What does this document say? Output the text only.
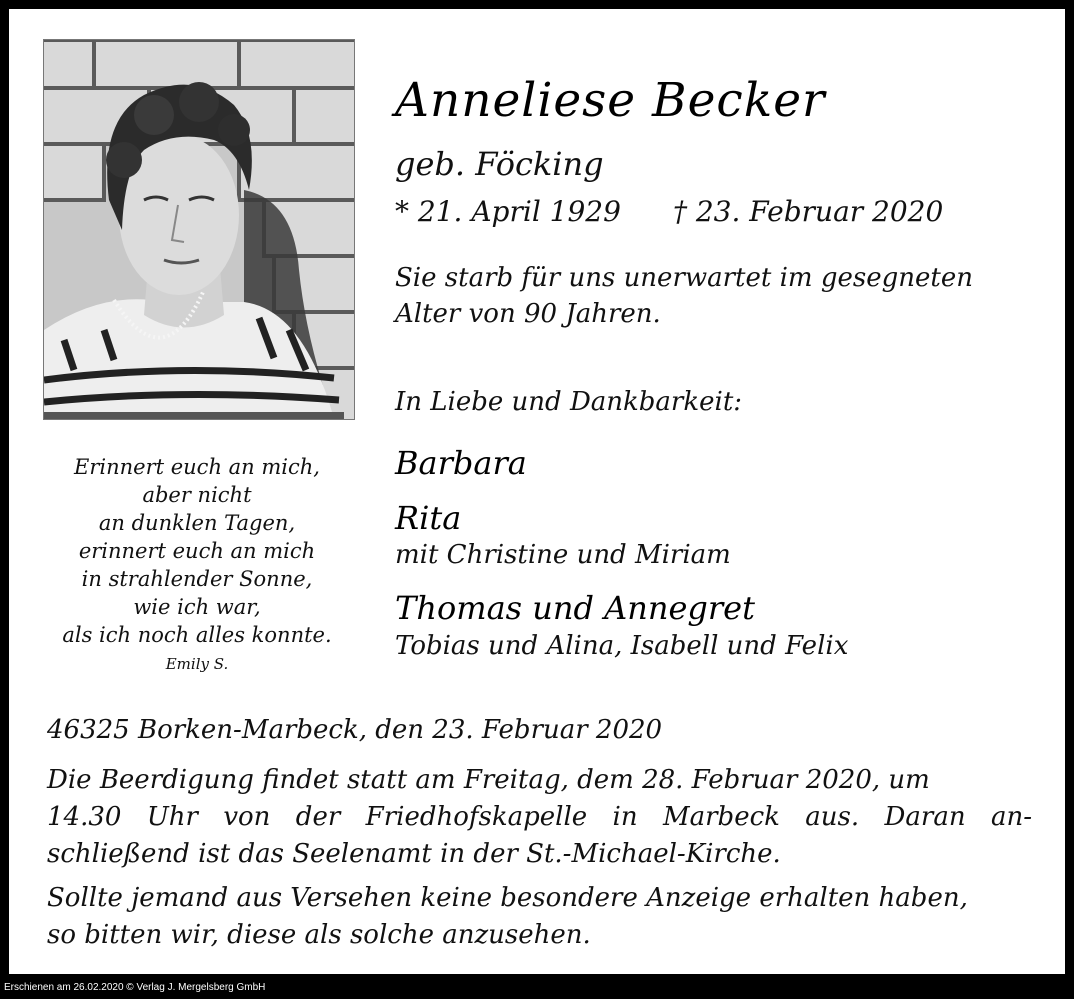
Anneliese Becker
geb. Föcking
* 21. April 1929 † 23. Februar 2020
Sie starb für uns unerwartet im gesegneten
Alter von 90 Jahren.
In Liebe und Dankbarkeit:
Barbara
Rita
mit Christine und Miriam
Thomas und Annegret
Tobias und Alina, Isabell und Felix
Erinnert euch an mich,
aber nicht
an dunklen Tagen,
erinnert euch an mich
in strahlender Sonne,
wie ich war,
als ich noch alles konnte.
Emily S.
46325 Borken-Marbeck, den 23. Februar 2020
Die Beerdigung findet statt am Freitag, dem 28. Februar 2020, um
14.30 Uhr von der Friedhofskapelle in Marbeck aus. Daran an-
schließend ist das Seelenamt in der St.-Michael-Kirche.
Sollte jemand aus Versehen keine besondere Anzeige erhalten haben,
so bitten wir, diese als solche anzusehen.
Erschienen am 26.02.2020 © Verlag J. Mergelsberg GmbH
